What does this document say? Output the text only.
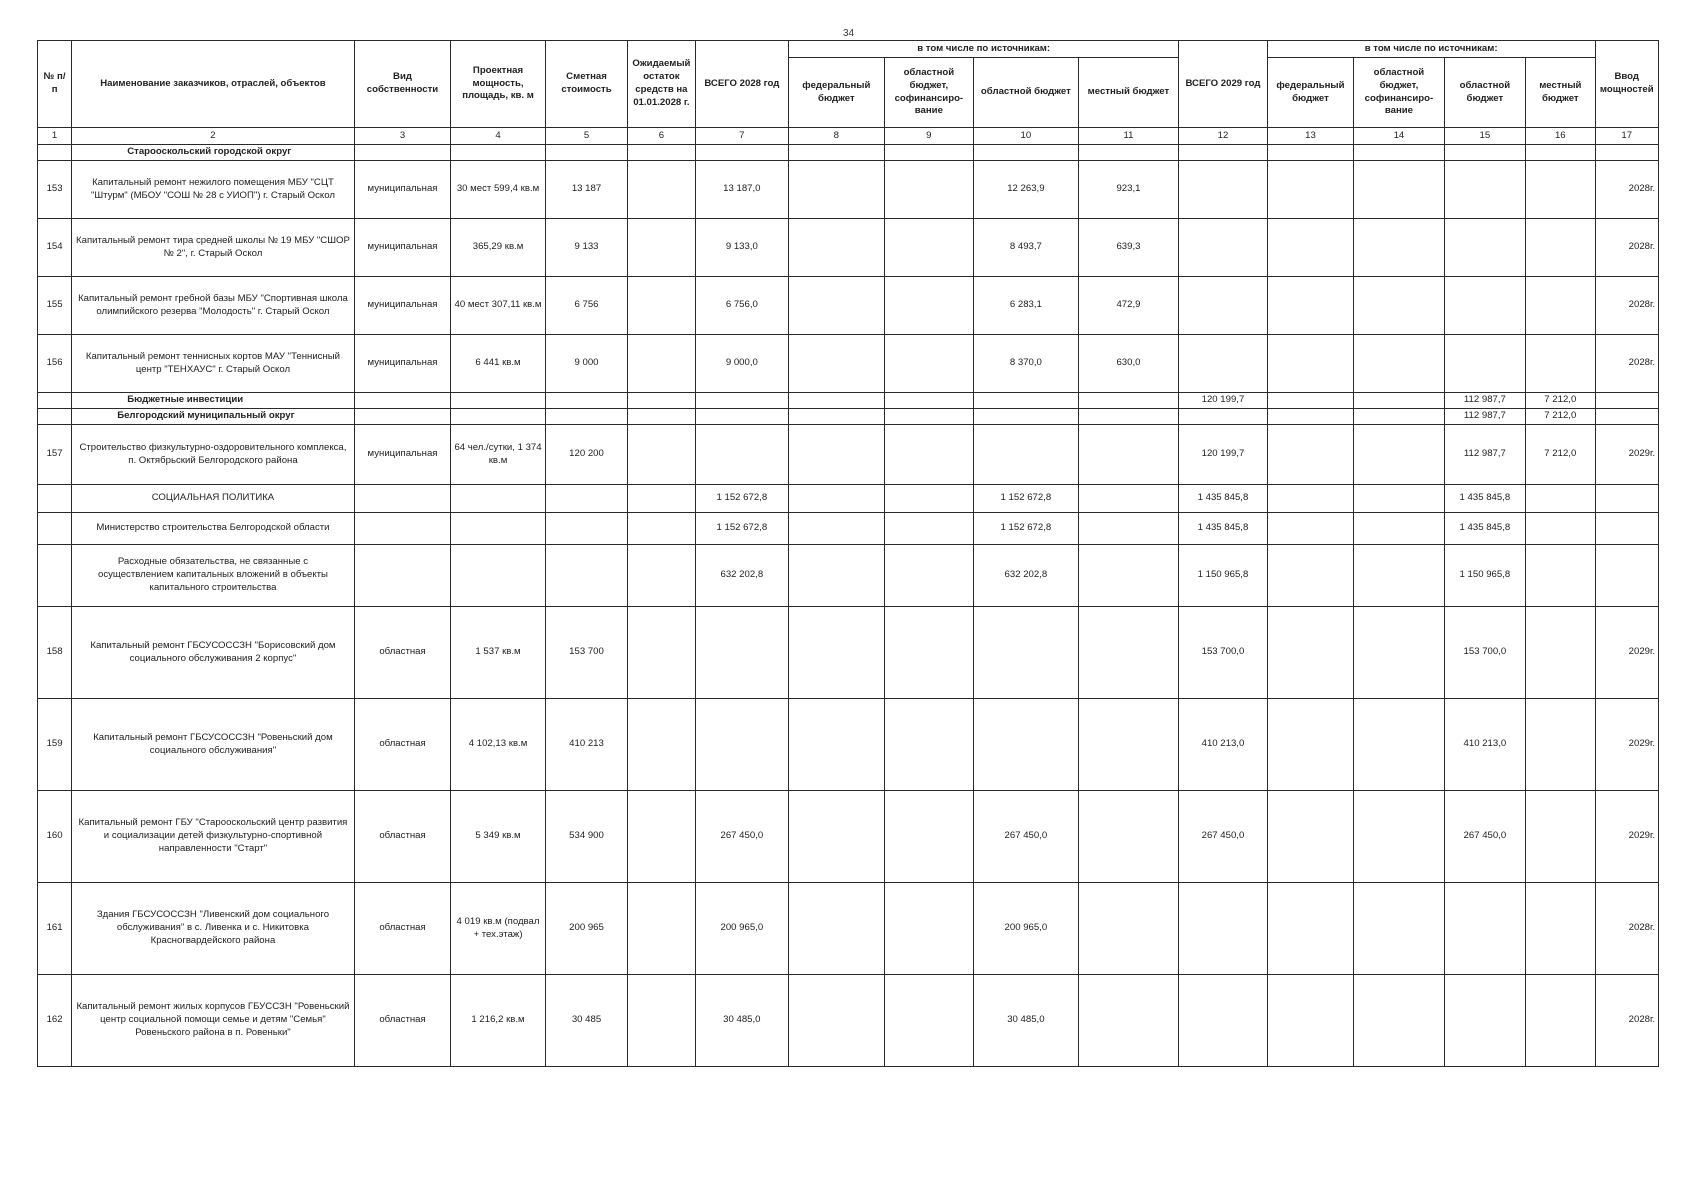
34
№ п/п	Наименование заказчиков, отраслей, объектов	Вид собственности	Проектная мощность, площадь, кв. м	Сметная стоимость	Ожидаемый остаток средств на 01.01.2028 г.	ВСЕГО 2028 год	в том числе по источникам:				ВСЕГО 2029 год	в том числе по источникам:				Ввод мощностей
							федеральный бюджет	областной бюджет, софинансиро-вание	областной бюджет	местный бюджет		федеральный бюджет	областной бюджет, софинансиро-вание	областной бюджет	местный бюджет	
1	2	3	4	5	6	7	8	9	10	11	12	13	14	15	16	17
	Старооскольский городской округ															
153	Капитальный ремонт нежилого помещения МБУ "СЦТ "Штурм" (МБОУ "СОШ № 28 с УИОП") г. Старый Оскол	муниципальная	30 мест 599,4 кв.м	13 187		13 187,0			12 263,9	923,1						2028г.
154	Капитальный ремонт тира средней школы № 19 МБУ "СШОР № 2", г. Старый Оскол	муниципальная	365,29 кв.м	9 133		9 133,0			8 493,7	639,3						2028г.
155	Капитальный ремонт гребной базы МБУ "Спортивная школа олимпийского резерва "Молодость" г. Старый Оскол	муниципальная	40 мест 307,11 кв.м	6 756		6 756,0			6 283,1	472,9						2028г.
156	Капитальный ремонт теннисных кортов МАУ "Теннисный центр "ТЕНХАУС" г. Старый Оскол	муниципальная	6 441 кв.м	9 000		9 000,0			8 370,0	630,0						2028г.
	Бюджетные инвестиции										120 199,7			112 987,7	7 212,0	
	Белгородский муниципальный округ													112 987,7	7 212,0	
157	Строительство физкультурно-оздоровительного комплекса, п. Октябрьский Белгородского района	муниципальная	64 чел./сутки, 1 374 кв.м	120 200							120 199,7			112 987,7	7 212,0	2029г.
	СОЦИАЛЬНАЯ ПОЛИТИКА					1 152 672,8			1 152 672,8		1 435 845,8			1 435 845,8		
	Министерство строительства Белгородской области					1 152 672,8			1 152 672,8		1 435 845,8			1 435 845,8		
	Расходные обязательства, не связанные с осуществлением капитальных вложений в объекты капитального строительства					632 202,8			632 202,8		1 150 965,8			1 150 965,8		
158	Капитальный ремонт ГБСУСОССЗН "Борисовский дом социального обслуживания 2 корпус"	областная	1 537 кв.м	153 700							153 700,0			153 700,0		2029г.
159	Капитальный ремонт ГБСУСОССЗН "Ровеньский дом социального обслуживания"	областная	4 102,13 кв.м	410 213							410 213,0			410 213,0		2029г.
160	Капитальный ремонт ГБУ "Старооскольский центр развития и социализации детей физкультурно-спортивной направленности "Старт"	областная	5 349 кв.м	534 900		267 450,0			267 450,0		267 450,0			267 450,0		2029г.
161	Здания ГБСУСОССЗН "Ливенский дом социального обслуживания" в с. Ливенка и с. Никитовка Красногвардейского района	областная	4 019 кв.м (подвал + тех.этаж)	200 965		200 965,0			200 965,0							2028г.
162	Капитальный ремонт жилых корпусов ГБУССЗН "Ровеньский центр социальной помощи семье и детям "Семья" Ровеньского района в п. Ровеньки"	областная	1 216,2 кв.м	30 485		30 485,0			30 485,0							2028г.
